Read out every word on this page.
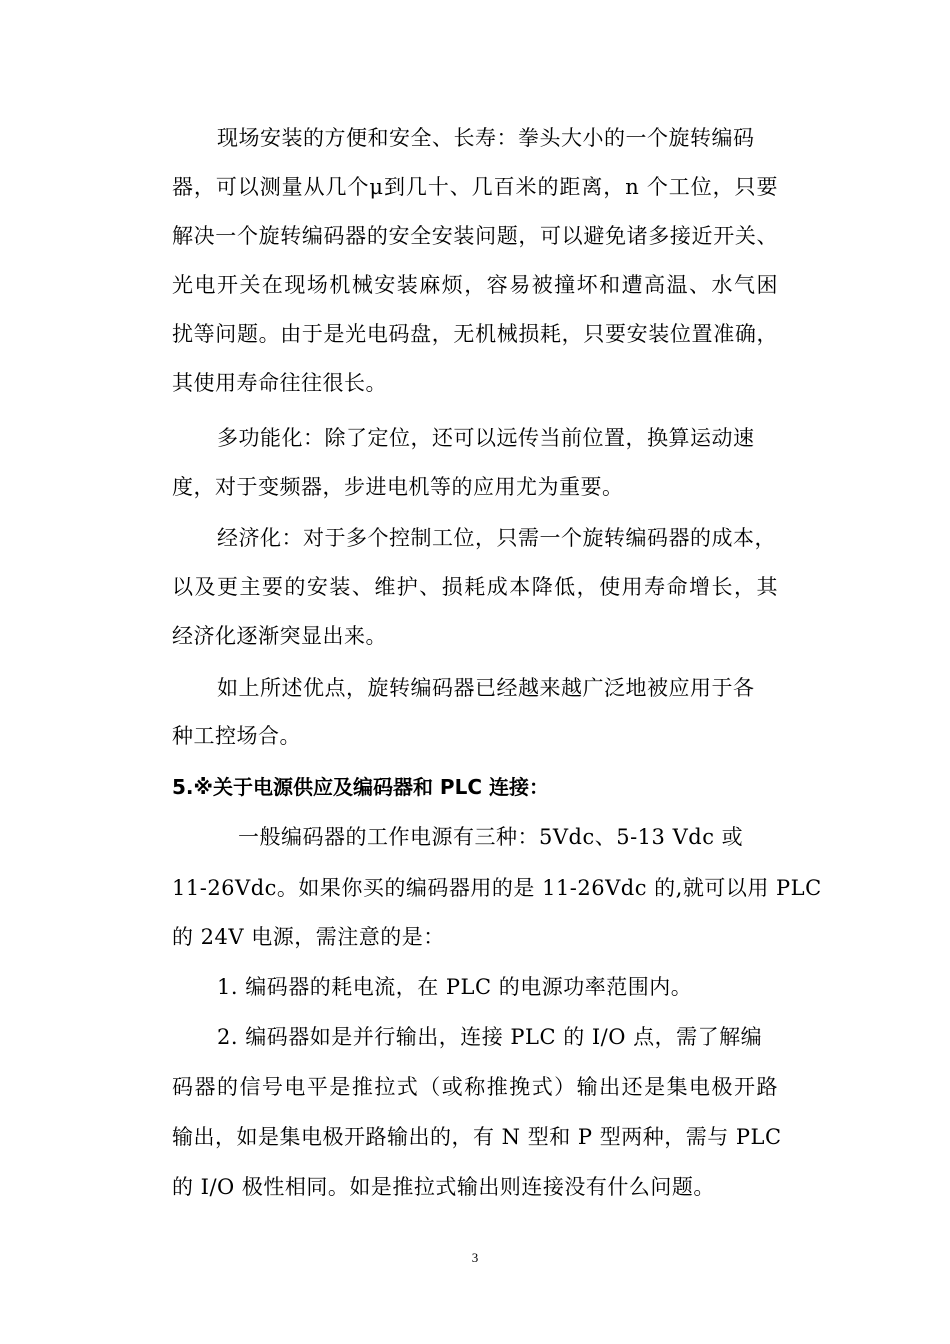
现场安装的方便和安全、长寿：拳头大小的一个旋转编码
器，可以测量从几个μ到几十、几百米的距离，n 个工位，只要
解决一个旋转编码器的安全安装问题，可以避免诸多接近开关、
光电开关在现场机械安装麻烦，容易被撞坏和遭高温、水气困
扰等问题。由于是光电码盘，无机械损耗，只要安装位置准确，
其使用寿命往往很长。
多功能化：除了定位，还可以远传当前位置，换算运动速
度，对于变频器，步进电机等的应用尤为重要。
经济化：对于多个控制工位，只需一个旋转编码器的成本，
以及更主要的安装、维护、损耗成本降低，使用寿命增长，其
经济化逐渐突显出来。
如上所述优点，旋转编码器已经越来越广泛地被应用于各
种工控场合。
5.※关于电源供应及编码器和 PLC 连接：
一般编码器的工作电源有三种：5Vdc、5-13 Vdc 或
11-26Vdc。如果你买的编码器用的是 11-26Vdc 的,就可以用 PLC
的 24V 电源，需注意的是：
1. 编码器的耗电流，在 PLC 的电源功率范围内。
2. 编码器如是并行输出，连接 PLC 的 I/O 点，需了解编
码器的信号电平是推拉式（或称推挽式）输出还是集电极开路
输出，如是集电极开路输出的，有 N 型和 P 型两种，需与 PLC
的 I/O 极性相同。如是推拉式输出则连接没有什么问题。
3
